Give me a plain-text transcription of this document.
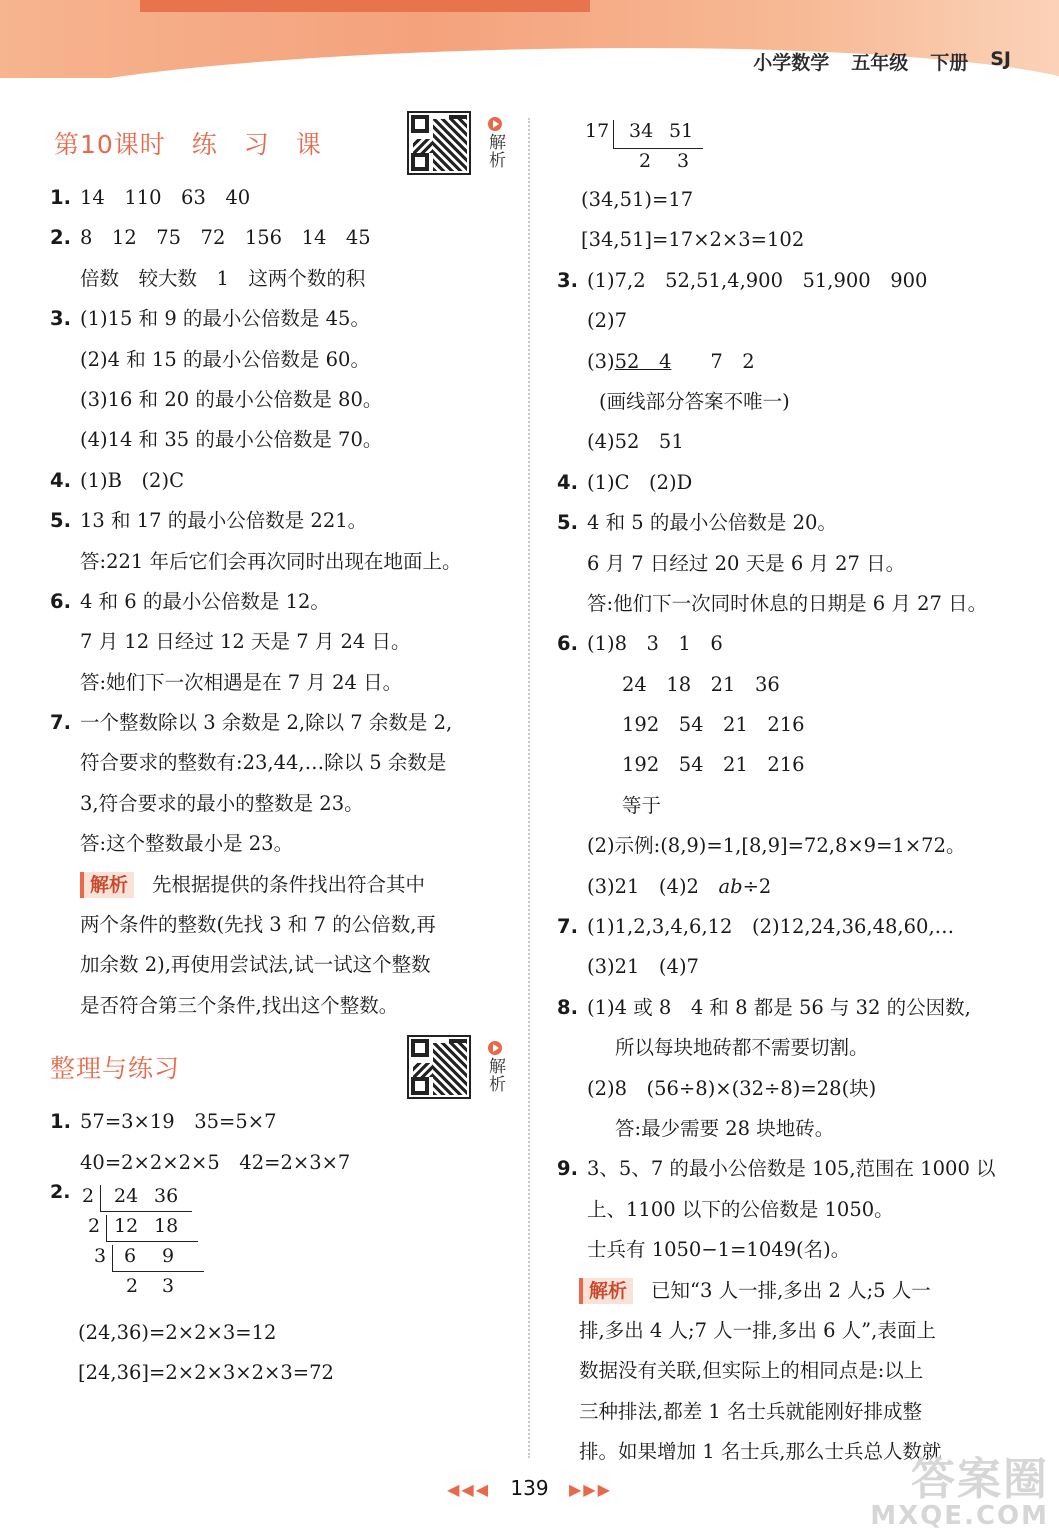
小学数学 五年级 下册 SJ
第10课时　练　习　课	解析
1. 14　110　63　40
2. 8　12　75　72　156　14　45
倍数　较大数　1　这两个数的积
3. (1)15 和 9 的最小公倍数是 45。
(2)4 和 15 的最小公倍数是 60。
(3)16 和 20 的最小公倍数是 80。
(4)14 和 35 的最小公倍数是 70。
4. (1)B　(2)C
5. 13 和 17 的最小公倍数是 221。
答:221 年后它们会再次同时出现在地面上。
6. 4 和 6 的最小公倍数是 12。
7 月 12 日经过 12 天是 7 月 24 日。
答:她们下一次相遇是在 7 月 24 日。
7. 一个整数除以 3 余数是 2,除以 7 余数是 2,
符合要求的整数有:23,44,…除以 5 余数是
3,符合要求的最小的整数是 23。
答:这个整数最小是 23。
解析 先根据提供的条件找出符合其中
两个条件的整数(先找 3 和 7 的公倍数,再
加余数 2),再使用尝试法,试一试这个整数
是否符合第三个条件,找出这个整数。
整理与练习	解析
1. 57=3×19　35=5×7
40=2×2×2×5　42=2×3×7
2. 2 24 36
2 12 18
3 6 9
2 3
(24,36)=2×2×3=12
[24,36]=2×2×3×2×3=72
17 34 51
2 3
(34,51)=17
[34,51]=17×2×3=102
3. (1)7,2　52,51,4,900　51,900　900
(2)7
(3)52　4　　7　2
(画线部分答案不唯一)
(4)52　51
4. (1)C　(2)D
5. 4 和 5 的最小公倍数是 20。
6 月 7 日经过 20 天是 6 月 27 日。
答:他们下一次同时休息的日期是 6 月 27 日。
6. (1)8　3　1　6
24　18　21　36
192　54　21　216
192　54　21　216
等于
(2)示例:(8,9)=1,[8,9]=72,8×9=1×72。
(3)21　(4)2　ab÷2
7. (1)1,2,3,4,6,12　(2)12,24,36,48,60,…
(3)21　(4)7
8. (1)4 或 8　4 和 8 都是 56 与 32 的公因数,
所以每块地砖都不需要切割。
(2)8　(56÷8)×(32÷8)=28(块)
答:最少需要 28 块地砖。
9. 3、5、7 的最小公倍数是 105,范围在 1000 以
上、1100 以下的公倍数是 1050。
士兵有 1050−1=1049(名)。
解析 已知“3 人一排,多出 2 人;5 人一
排,多出 4 人;7 人一排,多出 6 人”,表面上
数据没有关联,但实际上的相同点是:以上
三种排法,都差 1 名士兵就能刚好排成整
排。如果增加 1 名士兵,那么士兵总人数就
◀◀◀ 139 ▶▶▶	答案圈
MXQE.COM
